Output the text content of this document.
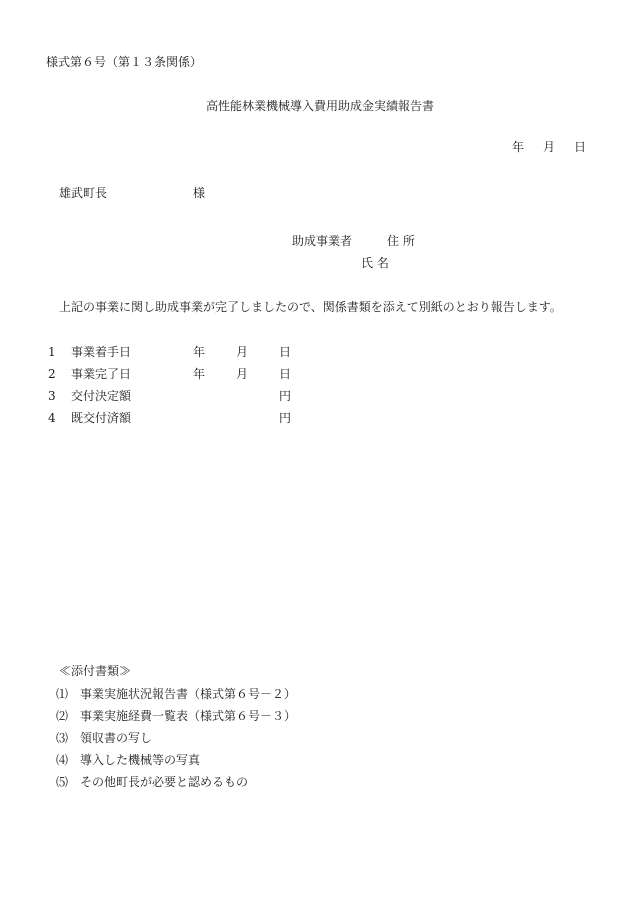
様式第６号（第１３条関係）
高性能林業機械導入費用助成金実績報告書
年 月 日
雄武町長	様
助成事業者	住 所
氏 名
上記の事業に関し助成事業が完了しましたので、関係書類を添えて別紙のとおり報告します。
1 事業着手日	年	月	日
2 事業完了日	年	月	日
3 交付決定額	円
4 既交付済額	円
≪添付書類≫
⑴ 事業実施状況報告書（様式第６号－２）
⑵ 事業実施経費一覧表（様式第６号－３）
⑶ 領収書の写し
⑷ 導入した機械等の写真
⑸ その他町長が必要と認めるもの
